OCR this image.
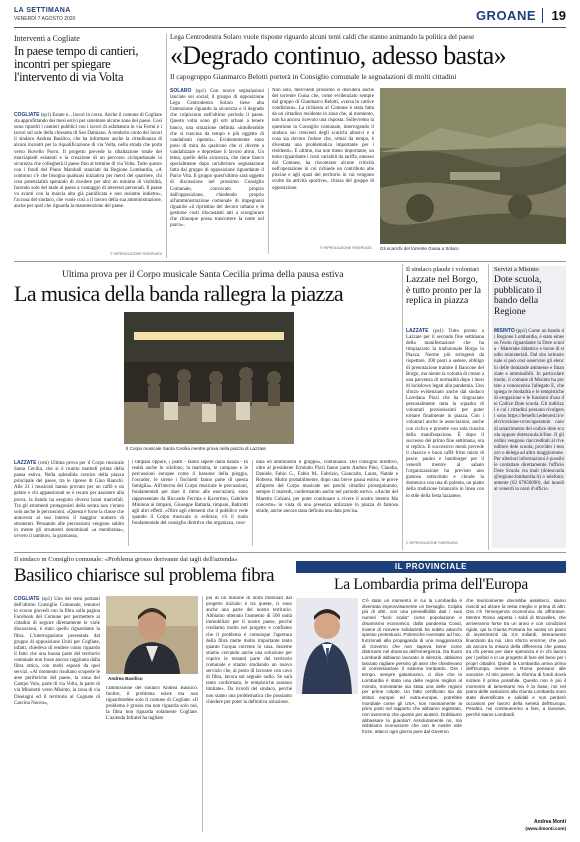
LA SETTIMANA
VENERDÌ 7 AGOSTO 2020	GROANE 19
Interventi a Cogliate
In paese tempo di cantieri, incontri per spiegare l'intervento di via Volta
COGLIATE (sp1) Estate e... lavori in corso. Anche il comune di Cogliate sta approfittando dei mesi estivi per sistemare alcune zone del paese. Così sono ripartiti i cantieri pubblici con i lavori di asfaltatura in via Fermi e i lavori sul sole della chiesetta di San Damiano. A renderlo conto dei lavori il sindaco Andrea Basilico, che ha informato anche la cittadinanza di alcuni incontri per la riqualificazione di via Volta, nella strada che porta verso Rovello Porro. Il progetto prevede la ribaltazione totale del marciapiedi esistenti e la creazione di un percorso ciclopedonale in sicurezza che collegherà il paese fino al termine di via Volta. Tutto questo con i fondi del Piano Marshall stanziati da Regione Lombardia, «A contorno c'è che bisogna qualsiasi iniziativa per merci del quartiere, chi crea potenzialità sperando di rivedere per altri un minimo di visibilità, facendo solo del male al paese a vantaggio di interessi personali. Il paese va avanti con la marcia alta già pianificata e non resiamo indietro», l'accusa del sindaco, che vuole così a il lavoro della sua amministrazione, anche per quel che riguarda la manutenzione del paese.
© RIPRODUZIONE RISERVATA
Lega Centrodestra Solaro vuole risposte riguardo alcuni temi caldi che stanno animando la politica del paese
«Degrado continuo, adesso basta»
Il capogruppo Gianmarco Belotti porterà in Consiglio comunale le segnalazioni di molti cittadini
SOLARO (sp1) Con nuove segnalazioni lanciate sui social, il gruppo di opposizione Lega Centrodestra Solaro tiene alta l'attenzione riguardo la sicurezza e il degrado che colpiscono nell'ultimo periodo il paese. Questo volta sono gli orti urbani a tenere banco, una situazione definita «intollerabile che si trascina da tempo e più oggetto di vandalismi ripetuti». Evidentemente sono presi di mira da qualcuno che ci diverte a vandalizzare e depredare il lavoro altrui. Un tema, quello della sicurezza, che tiene banco specialmente dopo un'ulteriore segnalazione fatta dal gruppo di opposizione riguardante il Parco Vita. Il gruppo quest'ultimo sarà oggetto di discussione nel prossimo Consiglio Comunale, convocato proprio dall'opposizione, chiedendo proprio all'amministrazione comunale di impegnarsi riguardo «il ripristino del decoro urbano e le gestione costi rilocastanti atti a scongiurare che chiunque possa trascorrere la notte nel parco».
Non solo, mercoledì prossimo si discuterà anche del torrente Guisa che, come evidenziato sempre dal gruppo di Gianmarco Belotti, «versa in cattive condizioni». La richiesta al Comune è stata fatta da un cittadino residente in zona che, al momento, non ha ancora ricevuto una risposta. Sollevremo la questione in Consiglio comunale, interrogando il sindaco sui crescenti degli scarichi abusivi e a cosa sia dovuto l'odore che, ormai da tempo, è diventata una problematica importante per i residenti». E ultimo, ma non meno importante, un tema riguardante i costi variabili da tariffa, emesso dal Comune, ha riscontrato alcune criticità nell'operazione in cui richiede un contributo alle piscine e agli spazi del territorio in cui vengono svolte da attività sportive», chiosa del gruppo di opposizione.
© RIPRODUZIONE RISERVATA Gli scarichi del torrente Guisa a Solaro
Ultima prova per il Corpo musicale Santa Cecilia prima della pausa estiva
La musica della banda rallegra la piazza
Il Corpo musicale Santa Cecilia mentre prova nella piazza di Lazzate
LAZZATE (cmi) Ultima prova per il Corpo musicale Santa Cecilia, che si è riunito martedì prima della pausa estiva. Nella splendida cornice della piazza principale del paese, tra le riprese di Gino Bianchi. Alle 21 i musicisti hanno provato per un caffè e un gelato e chi appassionati se è recato per assistere alla prova, la banda ha eseguito diversi brani marcefali. Tra gli strumenti protagonisti della serata non c'erano solo anche le percussioni. «Questa è forse la classe che annovera al suo interno il maggior numero di strumenti. Pensando alle percussioni vengono subito in mente gli strumenti denominati «a membrana», ovvero il tamburo, la grancassa,
i timpani oppure, i piatti - fanno sapere dalla banda - In realtà anche lo xilofono, la marimba, le campane e le percussioni europee come il bassone della pioggia, l'oscador, le sirene i fischietti fanno parte di questa famiglia». All'interno del Corpo musicale le percussioni, fondamentali per dare il ritmo alle esecuzioni, sono rappresentate da Riccardo Ferrina e Kavertino, Gabriele Mininno ai timpani, Giuseppe Battaria, timpani, Baltrotti agli altri effetti. «Oltre agli elementi che il pubblico vede quando il Corpo musicale si esibisce, c'è il ruolo fondamentale del consiglio direttivo che organizza, coor-
dina ed amministra il gruppo», continuano. Del consiglio direttivo, oltre al presidente Ermindo Pizzi fanno parte Andrea Pino, Claudia, Daniele, Fabio G., Fabio M., Fabrizio, Giancarlo, Laura, Natale e Roberto. Molto probabilmente, dopo una breve pausa estiva, le prove all'aperto del Corpo musicale nei parchi cittadini proseguiranno, sempre il martedì, confermando anche nel periodo estivo. «Anche del Maestro Colzani, per poter continuare a vivere il nostro intento Ma concerto» in vista di una presenza utilizzare in piazza di famosa strade, anche ancora stata definita una data precisa.
Il sindaco plaude i volontari
Lazzate nel Borgo, è tutto pronto per la replica in piazza
LAZZATE (ps1) Tutto pronto a Lazzate per il secondo fine settimana della manifestazione che ha rimpiazzato la tradizionale Borgo in Piazza. Norme più stringenti da rispettare, 200 posti a sedere, obbligo di prenotazione tramite il Bancone del Borgo, ma niente la volontà di creare a una parvenza di normalità dopo i mesi di lockdown legati alla pandemia. Uno sforzo evidenziato anche dal sindaco Loredana Pizzi che ha ringraziato personalmente tutta la squadra di volontari preziosissimi per poter tornare finalmente in piazza. Con i volontari anche le associazioni, anche con ciclico e protette con sola riuscita della manifestazione. È dopo il successo del primo fine settimana, ora si replica. Il successivo menù prevede il classico e buon caffè fritto misto di pesce; panini e hamburger per il venerdì mentre al sabato l'organizzazione ha previsto uno gustosa sottovitato e chiude la domenica con una di polenta, un piatto della tradizione brianzola in linea con lo stile della festa lazzatese.
© RIPRODUZIONE RISERVATA
Servizi a Misinto
Dote scuola, pubblicato il bando della Regione
MISINTO (pp1) Come un bando di Regione Lombardia, è stato emesso l'esito riguardante la Dote scuola - Materiale didattico e borse di studio ministeriali. Dal sito istituzionale si può così osservare gli elenchi delle domande ammesse e finanziate e ammissibili. In particolare modo, il comune di Misinto ha portato a conoscenza l'allegato E, che spiega le modalità e le tempistiche di erogazione e le funzioni d'uso dei Codice Dote scuola. Gli indirizzi e cui i cittadini possono rivolgersi sono https://benefici.edenred.it/web/ricezione-re/recuperatoin caso di smarrimento del codice dote scuola oppure dotescuola.it/line. Il gli ordini vengono riaccreditati al rivenditore dote scuola, provider i tessoro o delega ad altro maggiorenne. Per ulteriori informazioni è possibile contattare direttamente l'ufficio Dote Scuola via mail (dotescuola@regione.lombardia.it) o telefonicamente (02 67650090), dal lunedì al venerdì in orari d'ufficio.
Il sindaco in Consiglio comunale: «Problema grosso derivante dai tagli dell'azienda»
Basilico chiarisce sul problema fibra
COGLIATE (sp1) Uno dei temi portanti dell'ultimo Consiglio Comunale, tenutosi lo scorso giovedì con la fibra sulla pagina Facebook del Comune per permettere ai cittadini di seguire direttamente le varie discussioni, è stato quello riguardante la fibra. L'interrogazione presentata dal gruppo di opposizione Uniti per Cogliate, infatti, chiedeva di rendere conto riguardo il fatto che una buona parte del territorio comunale non fosse ancora raggiunta dalla fibra ottica, con molti esposti da quei servizi. «Al momento risultano scoperte le aree periferiche del paese, la zona del Campo Volo, parte di via Volta, la parte di via Minoretti verso Misinto, la zona di via Diseiagni ed il territorio al Cognate di Cascina Nuova»,
Andrea Basilico
l'ammissione del sindaco Andrea Basilico. Inoltre, il problema esiste ma non riguarderebbe solo il comune di Cogliate: «Il problema è grosso ma non riguarda solo noi, la fibra non riguarda solamente Cogliate. L'azienda Infratel ha tagliato
più di un milione di unità mobiliari dal progetto iniziale: è tra queste, ci sono anche una parte del nostro territorio. Abbiamo ottenuto l'aumento di 500 unità immobiliari per il nostro paese, perché crediamo molto nel progetto e confiamo che il problema è comunque l'apertura della fibra mette molto importante tanto quanto l'acqua corrente in casa. Insieme stiamo cercando anche una soluzione per coprire le restanti parte del territorio comunale e stiamo studiando un nuovo servizio che, al posto di lavorare con cavo di fibra, lavora sul segnale radio. Se sarà tanto confermata, le tempistiche saranno limitate». Da ricordi del sindaco, perché non siamo una problematica che possiamo chiedere per poter la definitiva soluzione.
IL PROVINCIALE
La Lombardia prima dell'Europa
C'è stato un momento in cui la Lombardia è diventata improvvisamente un bersaglio. Colpita più di altri, con una prevedibilità dati i suoi numeri "fuori scala" come popolazione e dinamismo economico, dalla pandemia Covid, invece di ricevere solidarietà ha subito attacchi spesso pretestuosi. Polemiche inventate ad hoc, funzionali alla propaganda di una maggioranza di Governo che non sapeva bene come districarsi nel dramma dell'emergenza. Da buoni Lombardi abbiamo lavorato in silenzio, abbiamo lasciato ragliare persino gli asini che chiedevano di commissariare il sistema lombardo. Ora i tempo, sempre galantuomo, ci dice che la Lombardia è stata una delle regioni migliori al mondo, nonostante sia stata una delle regioni per prime colpite. Un fatto certificato sia da istituti europei ed extra-europei, potrebbe mondiale come gli USA, non noiosamente ai primi posti nel rapporto che abbiamo registrato, non avremmo che questo per aiutarci. Dobbiamo abbassare la guardia? Assolutamente no, ma dobbiamo riconoscere che con le nostre sole forze, attacci ogni giorno pure dal Governo
che teoricamente dovrebbe assisterci, siamo riusciti ad alzare la testa meglio e prima di altri. Ora c'è l'emergenza economica da affrontare. Mentre Roma aspetta i soldi di Bruxelles, che arriveranno forse tra un anno e con condizioni rigide, qui la Giunta Fontana ha varato un piano di investimenti da 3,5 miliardi, interamente finanziato da noi. Uno sforzo enorme, che può da ancora la misura della differenza che passa tra chi pensa per dare speranza e in chi lavora per i politici e in un progetto di fare del bene per i propri cittadini. Quindi la Lombardia arriva prima dell'Europa, mentre a Roma pensano alle vacanze. Al mio parere, la riforma di fondi dovrà iniziare il prima possibile. Questo non è più il momento di lamentarsi ma è la base, noi nel piano delle variazioni alla Giunta Lombarda sono state diversificate e solidali e non perderò occasioni per lavoro della serietà dell'Europa. Peraltro, noi continueremo a fare, a lavorare, perché siamo Lombardi.
Andrea Monti
(www.ilmonti.com)
